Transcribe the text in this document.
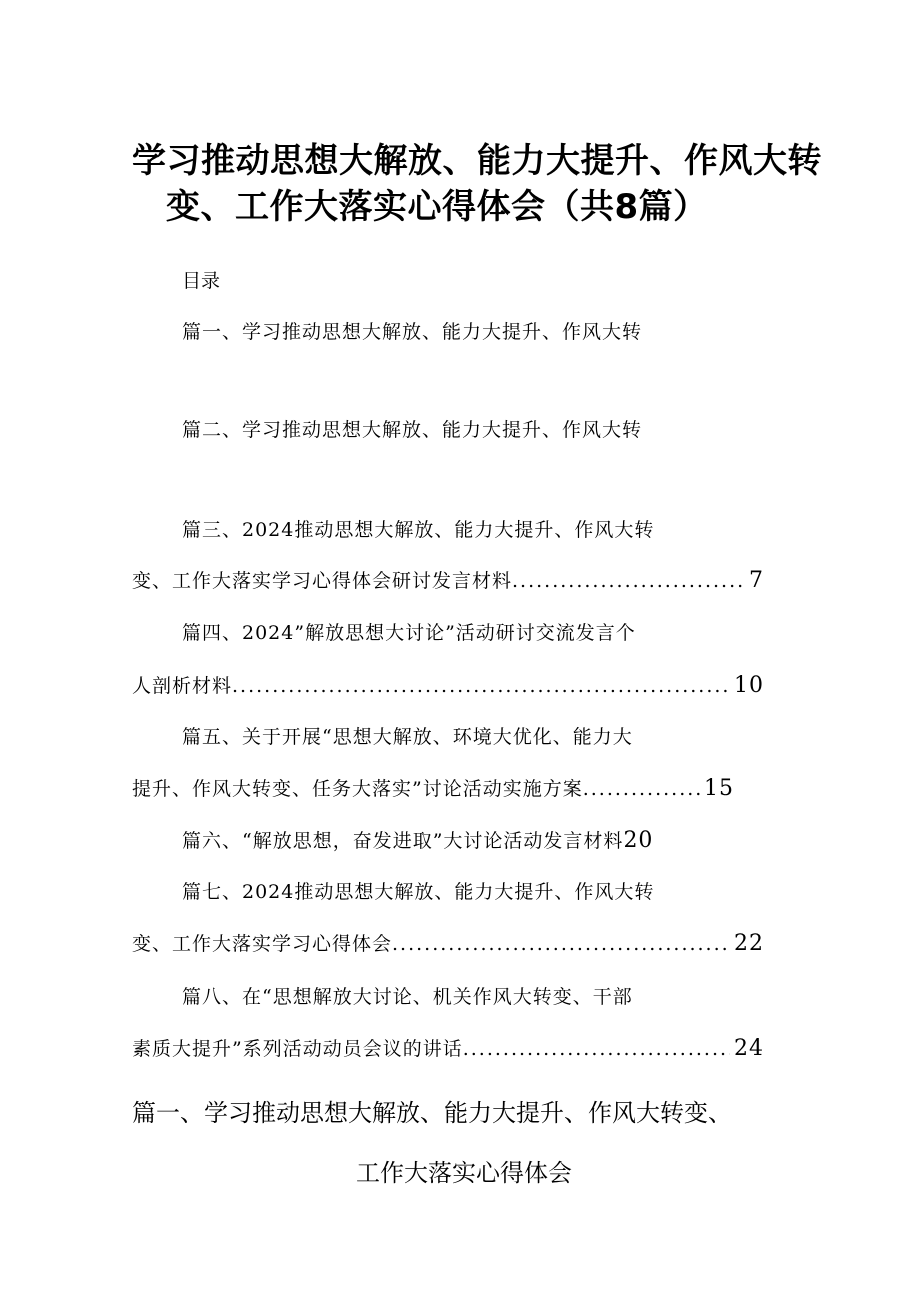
学习推动思想大解放、能力大提升、作风大转
变、工作大落实心得体会（共8篇）
目录
篇一、学习推动思想大解放、能力大提升、作风大转
篇二、学习推动思想大解放、能力大提升、作风大转
篇三、2024推动思想大解放、能力大提升、作风大转
变、工作大落实学习心得体会研讨发言材料 .....	7
篇四、2024”解放思想大讨论”活动研讨交流发言个
人剖析材料 .....	10
篇五、关于开展“思想大解放、环境大优化、能力大
提升、作风大转变、任务大落实”讨论活动实施方案 .....	15
篇六、“解放思想，奋发进取”大讨论活动发言材料20
篇七、2024推动思想大解放、能力大提升、作风大转
变、工作大落实学习心得体会 .....	22
篇八、在“思想解放大讨论、机关作风大转变、干部
素质大提升”系列活动动员会议的讲话 .....	24
篇一、学习推动思想大解放、能力大提升、作风大转变、
工作大落实心得体会
